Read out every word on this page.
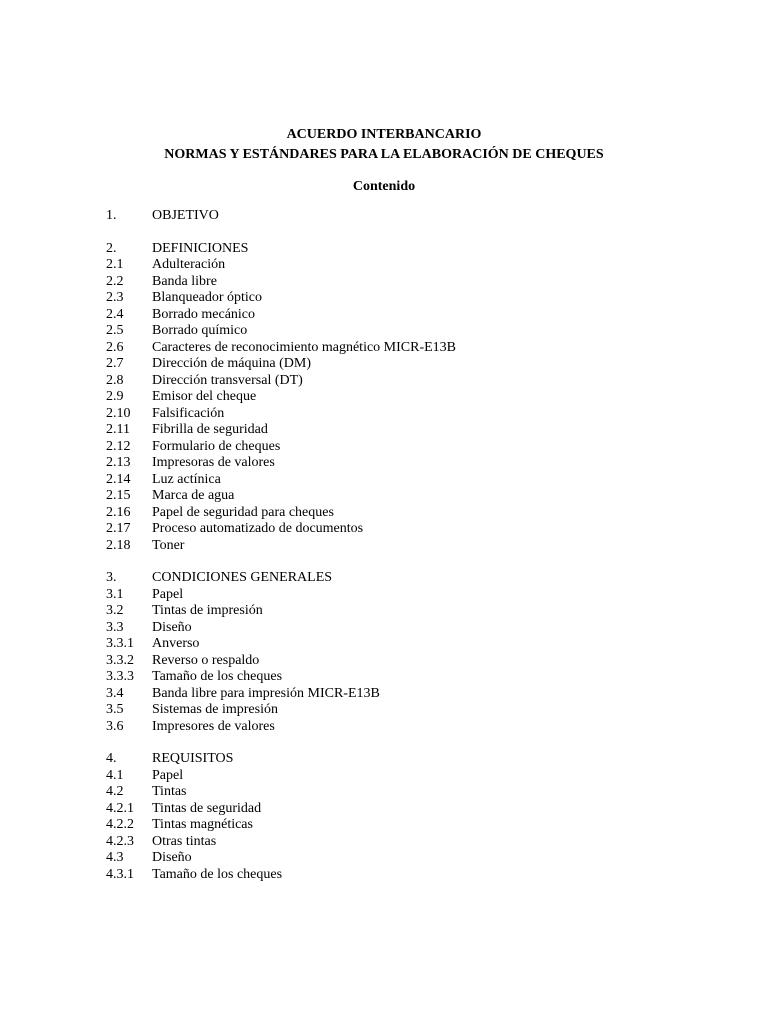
ACUERDO INTERBANCARIO
NORMAS Y ESTÁNDARES PARA LA ELABORACIÓN DE CHEQUES
Contenido
1.	OBJETIVO
2.	DEFINICIONES
2.1	Adulteración
2.2	Banda libre
2.3	Blanqueador óptico
2.4	Borrado mecánico
2.5	Borrado químico
2.6	Caracteres de reconocimiento magnético MICR-E13B
2.7	Dirección de máquina (DM)
2.8	Dirección transversal (DT)
2.9	Emisor del cheque
2.10	Falsificación
2.11	Fibrilla de seguridad
2.12	Formulario de cheques
2.13	Impresoras de valores
2.14	Luz actínica
2.15	Marca de agua
2.16	Papel de seguridad para cheques
2.17	Proceso automatizado de documentos
2.18	Toner
3.	CONDICIONES GENERALES
3.1	Papel
3.2	Tintas de impresión
3.3	Diseño
3.3.1	Anverso
3.3.2	Reverso o respaldo
3.3.3	Tamaño de los cheques
3.4	Banda libre para impresión MICR-E13B
3.5	Sistemas de impresión
3.6	Impresores de valores
4.	REQUISITOS
4.1	Papel
4.2	Tintas
4.2.1	Tintas de seguridad
4.2.2	Tintas magnéticas
4.2.3	Otras tintas
4.3	Diseño
4.3.1	Tamaño de los cheques
